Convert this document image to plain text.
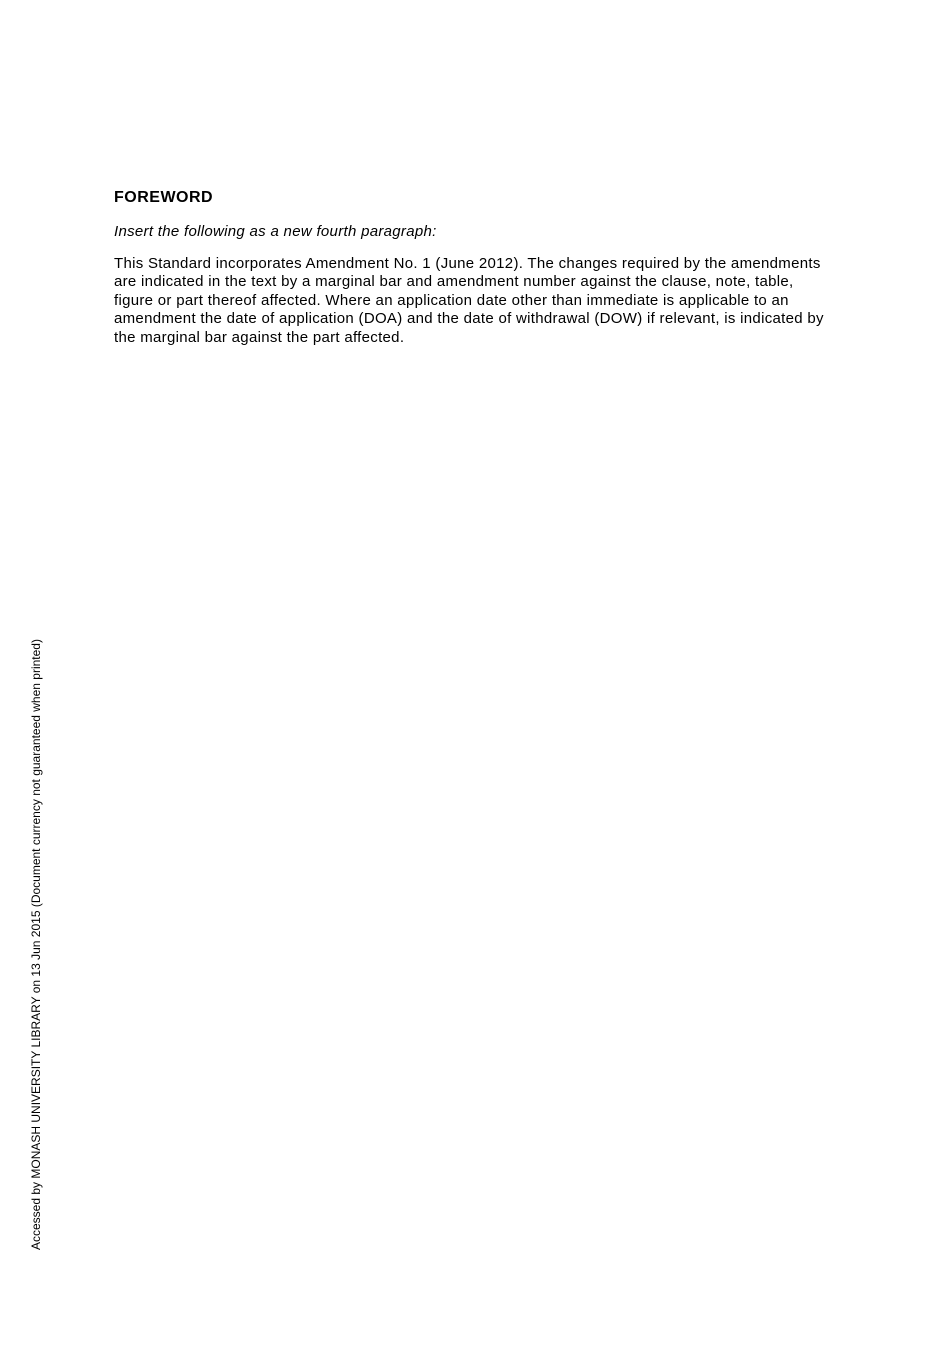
FOREWORD
Insert the following as a new fourth paragraph:

This Standard incorporates Amendment No. 1 (June 2012). The changes required by the amendments are indicated in the text by a marginal bar and amendment number against the clause, note, table, figure or part thereof affected. Where an application date other than immediate is applicable to an amendment the date of application (DOA) and the date of withdrawal (DOW) if relevant, is indicated by the marginal bar against the part affected.

Accessed by MONASH UNIVERSITY LIBRARY on 13 Jun 2015 (Document currency not guaranteed when printed)
